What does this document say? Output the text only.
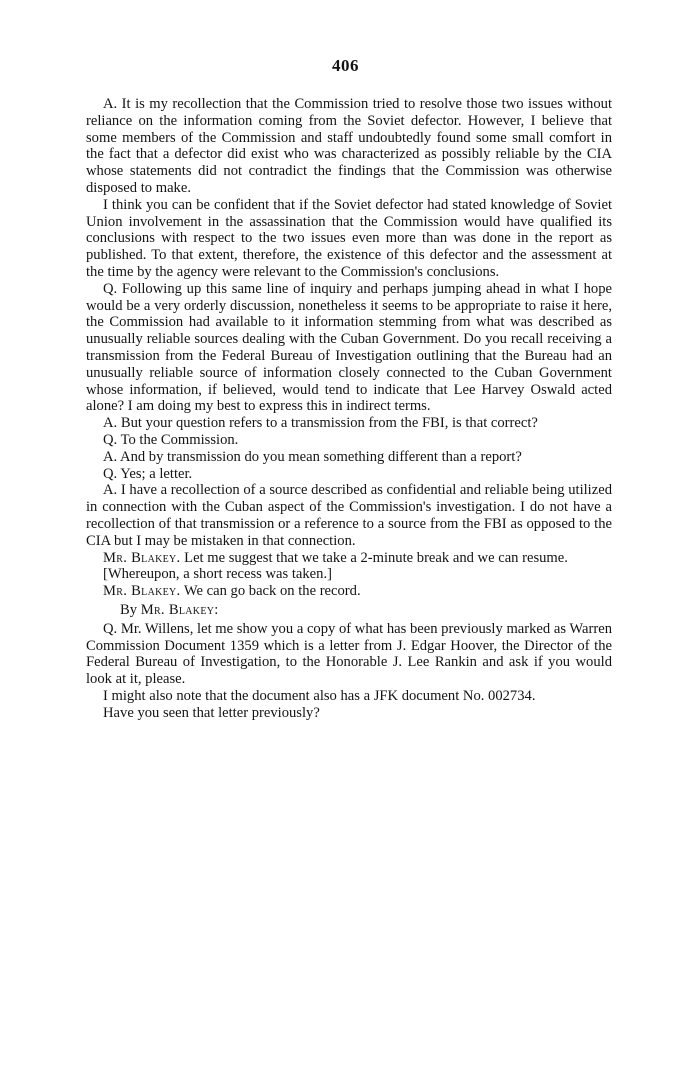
406

A. It is my recollection that the Commission tried to resolve those two issues without reliance on the information coming from the Soviet defector. However, I believe that some members of the Commission and staff undoubtedly found some small comfort in the fact that a defector did exist who was characterized as possibly reliable by the CIA whose statements did not contradict the findings that the Commission was otherwise disposed to make.

I think you can be confident that if the Soviet defector had stated knowledge of Soviet Union involvement in the assassination that the Commission would have qualified its conclusions with respect to the two issues even more than was done in the report as published. To that extent, therefore, the existence of this defector and the assessment at the time by the agency were relevant to the Commission's conclusions.

Q. Following up this same line of inquiry and perhaps jumping ahead in what I hope would be a very orderly discussion, nonetheless it seems to be appropriate to raise it here, the Commission had available to it information stemming from what was described as unusually reliable sources dealing with the Cuban Government. Do you recall receiving a transmission from the Federal Bureau of Investigation outlining that the Bureau had an unusually reliable source of information closely connected to the Cuban Government whose information, if believed, would tend to indicate that Lee Harvey Oswald acted alone? I am doing my best to express this in indirect terms.

A. But your question refers to a transmission from the FBI, is that correct?

Q. To the Commission.

A. And by transmission do you mean something different than a report?

Q. Yes; a letter.

A. I have a recollection of a source described as confidential and reliable being utilized in connection with the Cuban aspect of the Commission's investigation. I do not have a recollection of that transmission or a reference to a source from the FBI as opposed to the CIA but I may be mistaken in that connection.

Mr. Blakey. Let me suggest that we take a 2-minute break and we can resume.

[Whereupon, a short recess was taken.]

Mr. Blakey. We can go back on the record.

By Mr. Blakey:

Q. Mr. Willens, let me show you a copy of what has been previously marked as Warren Commission Document 1359 which is a letter from J. Edgar Hoover, the Director of the Federal Bureau of Investigation, to the Honorable J. Lee Rankin and ask if you would look at it, please.

I might also note that the document also has a JFK document No. 002734.

Have you seen that letter previously?
